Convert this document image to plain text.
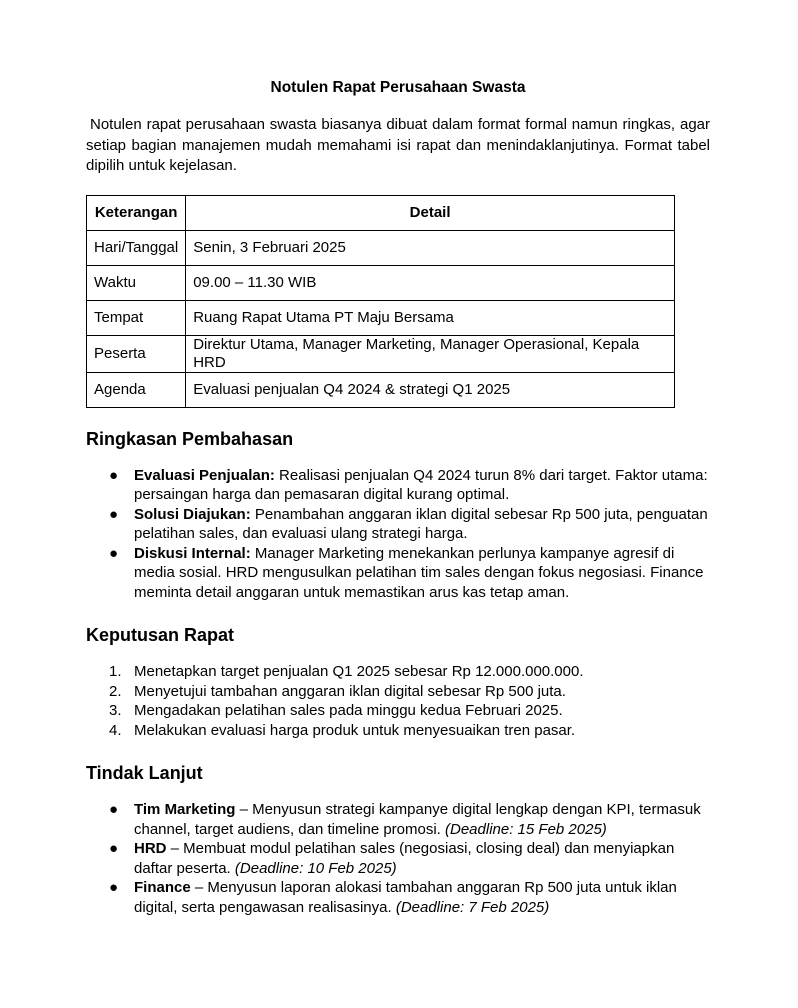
Notulen Rapat Perusahaan Swasta

Notulen rapat perusahaan swasta biasanya dibuat dalam format formal namun ringkas, agar setiap bagian manajemen mudah memahami isi rapat dan menindaklanjutinya. Format tabel dipilih untuk kejelasan.

Keterangan	Detail
Hari/Tanggal	Senin, 3 Februari 2025
Waktu	09.00 – 11.30 WIB
Tempat	Ruang Rapat Utama PT Maju Bersama
Peserta	Direktur Utama, Manager Marketing, Manager Operasional, Kepala HRD
Agenda	Evaluasi penjualan Q4 2024 & strategi Q1 2025
Ringkasan Pembahasan
● Evaluasi Penjualan: Realisasi penjualan Q4 2024 turun 8% dari target. Faktor utama: persaingan harga dan pemasaran digital kurang optimal.
● Solusi Diajukan: Penambahan anggaran iklan digital sebesar Rp 500 juta, penguatan pelatihan sales, dan evaluasi ulang strategi harga.
● Diskusi Internal: Manager Marketing menekankan perlunya kampanye agresif di media sosial. HRD mengusulkan pelatihan tim sales dengan fokus negosiasi. Finance meminta detail anggaran untuk memastikan arus kas tetap aman.
Keputusan Rapat
1. Menetapkan target penjualan Q1 2025 sebesar Rp 12.000.000.000.
2. Menyetujui tambahan anggaran iklan digital sebesar Rp 500 juta.
3. Mengadakan pelatihan sales pada minggu kedua Februari 2025.
4. Melakukan evaluasi harga produk untuk menyesuaikan tren pasar.
Tindak Lanjut
● Tim Marketing – Menyusun strategi kampanye digital lengkap dengan KPI, termasuk channel, target audiens, dan timeline promosi. (Deadline: 15 Feb 2025)
● HRD – Membuat modul pelatihan sales (negosiasi, closing deal) dan menyiapkan daftar peserta. (Deadline: 10 Feb 2025)
● Finance – Menyusun laporan alokasi tambahan anggaran Rp 500 juta untuk iklan digital, serta pengawasan realisasinya. (Deadline: 7 Feb 2025)
